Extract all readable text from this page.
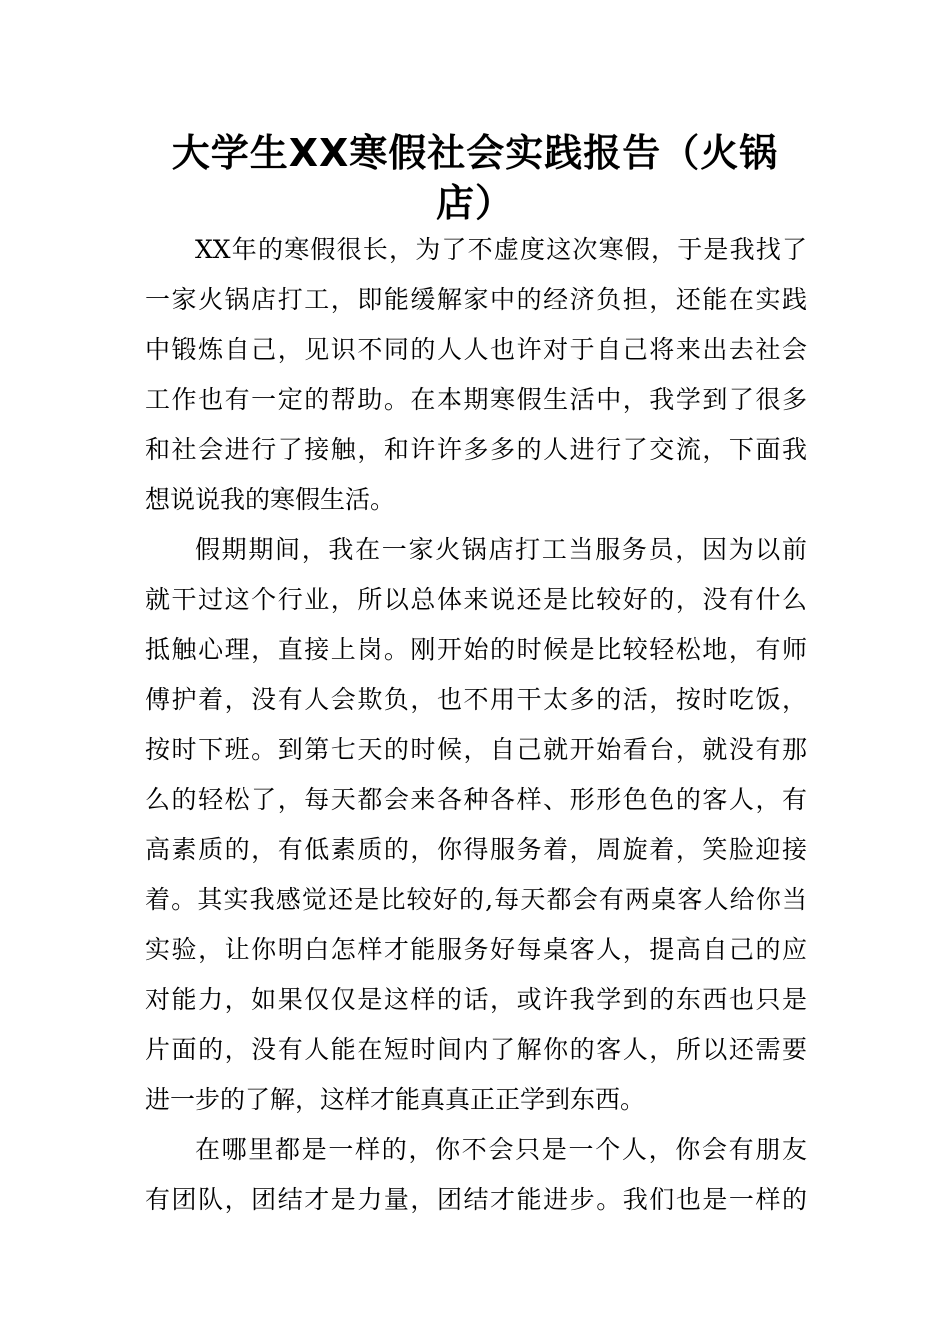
大学生XX寒假社会实践报告（火锅
店）
XX年的寒假很长，为了不虚度这次寒假，于是我找了
一家火锅店打工，即能缓解家中的经济负担，还能在实践
中锻炼自己，见识不同的人人也许对于自己将来出去社会
工作也有一定的帮助。在本期寒假生活中，我学到了很多
和社会进行了接触，和许许多多的人进行了交流，下面我
想说说我的寒假生活。
假期期间，我在一家火锅店打工当服务员，因为以前
就干过这个行业，所以总体来说还是比较好的，没有什么
抵触心理，直接上岗。刚开始的时候是比较轻松地，有师
傅护着，没有人会欺负，也不用干太多的活，按时吃饭，
按时下班。到第七天的时候，自己就开始看台，就没有那
么的轻松了，每天都会来各种各样、形形色色的客人，有
高素质的，有低素质的，你得服务着，周旋着，笑脸迎接
着。其实我感觉还是比较好的,每天都会有两桌客人给你当
实验，让你明白怎样才能服务好每桌客人，提高自己的应
对能力，如果仅仅是这样的话，或许我学到的东西也只是
片面的，没有人能在短时间内了解你的客人，所以还需要
进一步的了解，这样才能真真正正学到东西。
在哪里都是一样的，你不会只是一个人，你会有朋友
有团队，团结才是力量，团结才能进步。我们也是一样的
